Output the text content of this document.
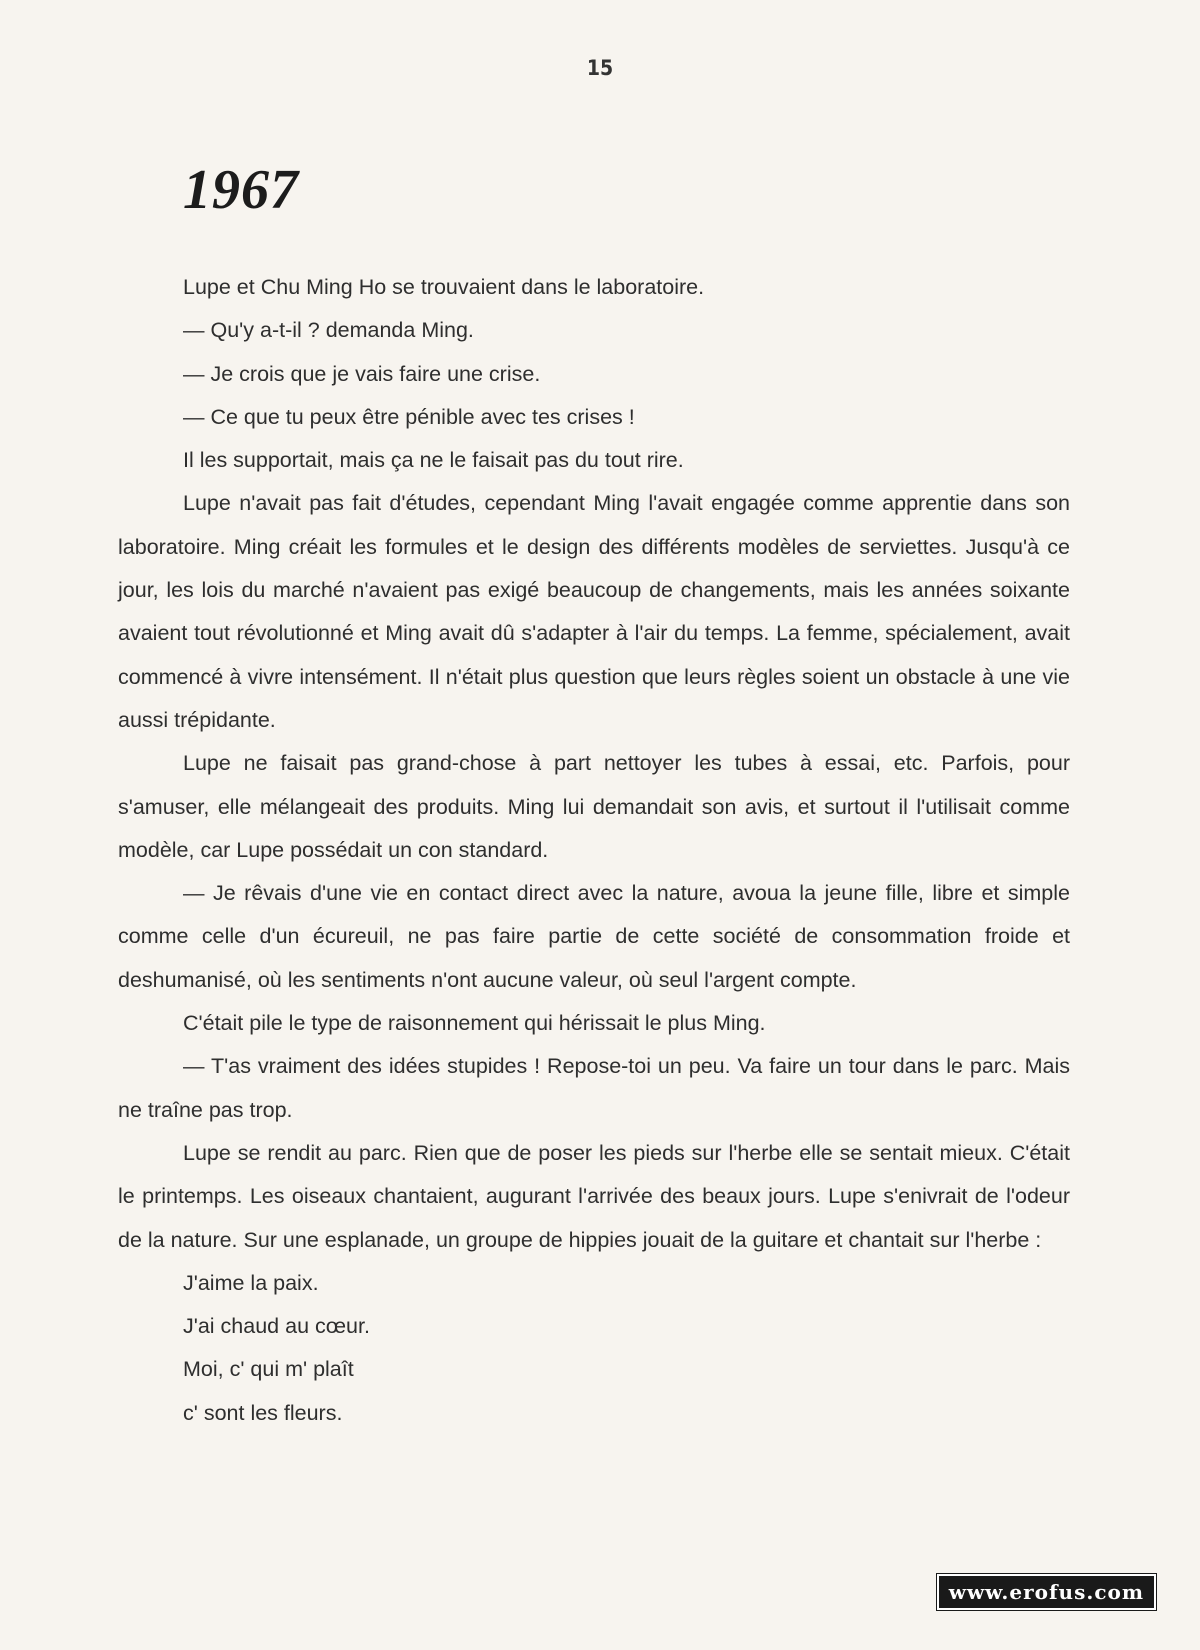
15
1967

Lupe et Chu Ming Ho se trouvaient dans le laboratoire.

— Qu'y a-t-il ? demanda Ming.

— Je crois que je vais faire une crise.

— Ce que tu peux être pénible avec tes crises !

Il les supportait, mais ça ne le faisait pas du tout rire.

Lupe n'avait pas fait d'études, cependant Ming l'avait engagée comme apprentie dans son laboratoire. Ming créait les formules et le design des différents modèles de serviettes. Jusqu'à ce jour, les lois du marché n'avaient pas exigé beaucoup de changements, mais les années soixante avaient tout révolutionné et Ming avait dû s'adapter à l'air du temps. La femme, spécialement, avait commencé à vivre intensément. Il n'était plus question que leurs règles soient un obstacle à une vie aussi trépidante.

Lupe ne faisait pas grand-chose à part nettoyer les tubes à essai, etc. Parfois, pour s'amuser, elle mélangeait des produits. Ming lui demandait son avis, et surtout il l'utilisait comme modèle, car Lupe possédait un con standard.

— Je rêvais d'une vie en contact direct avec la nature, avoua la jeune fille, libre et simple comme celle d'un écureuil, ne pas faire partie de cette société de consommation froide et deshumanisé, où les sentiments n'ont aucune valeur, où seul l'argent compte.

C'était pile le type de raisonnement qui hérissait le plus Ming.

— T'as vraiment des idées stupides ! Repose-toi un peu. Va faire un tour dans le parc. Mais ne traîne pas trop.

Lupe se rendit au parc. Rien que de poser les pieds sur l'herbe elle se sentait mieux. C'était le printemps. Les oiseaux chantaient, augurant l'arrivée des beaux jours. Lupe s'enivrait de l'odeur de la nature. Sur une esplanade, un groupe de hippies jouait de la guitare et chantait sur l'herbe :

J'aime la paix.

J'ai chaud au cœur.

Moi, c' qui m' plaît

c' sont les fleurs.

www.erofus.com
